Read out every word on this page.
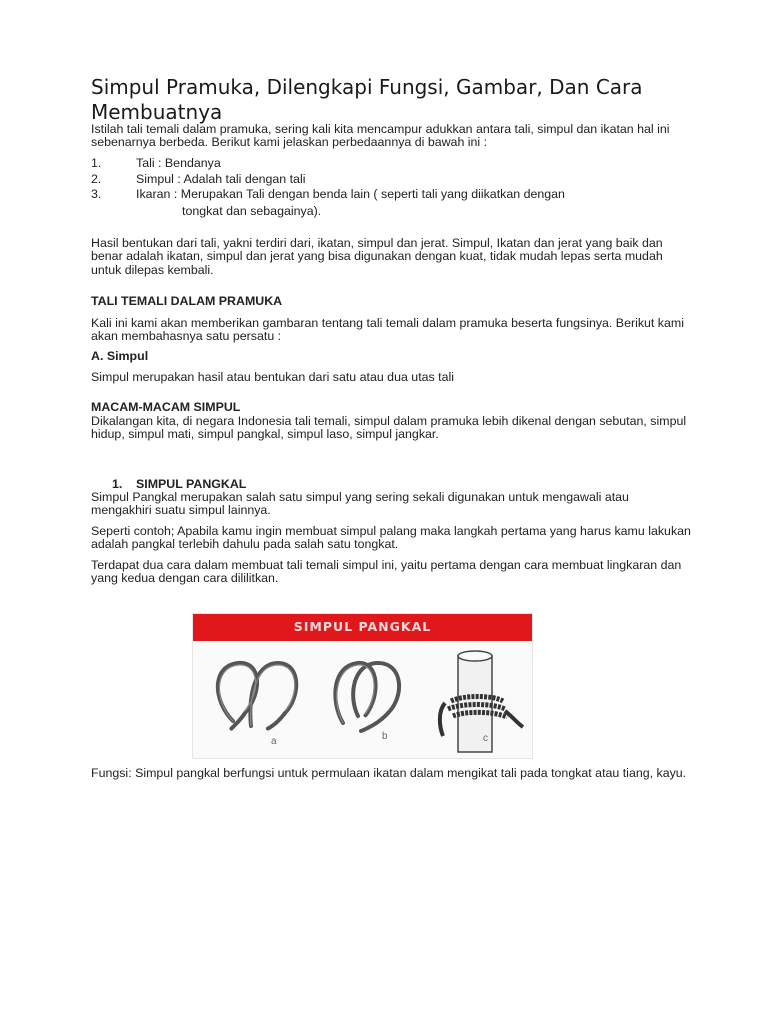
Simpul Pramuka, Dilengkapi Fungsi, Gambar, Dan Cara Membuatnya

Istilah tali temali dalam pramuka, sering kali kita mencampur adukkan antara tali, simpul dan ikatan hal ini sebenarnya berbeda. Berikut kami jelaskan perbedaannya di bawah ini :

1.	Tali : Bendanya
2.	Simpul : Adalah tali dengan tali
3.	Ikaran : Merupakan Tali dengan benda lain ( seperti tali yang diikatkan dengan
tongkat dan sebagainya).

Hasil bentukan dari tali, yakni terdiri dari, ikatan, simpul dan jerat. Simpul, Ikatan dan jerat yang baik dan benar adalah ikatan, simpul dan jerat yang bisa digunakan dengan kuat, tidak mudah lepas serta mudah untuk dilepas kembali.

TALI TEMALI DALAM PRAMUKA

Kali ini kami akan memberikan gambaran tentang tali temali dalam pramuka beserta fungsinya. Berikut kami akan membahasnya satu persatu :

A. Simpul

Simpul merupakan hasil atau bentukan dari satu atau dua utas tali

MACAM-MACAM SIMPUL

Dikalangan kita, di negara Indonesia tali temali, simpul dalam pramuka lebih dikenal dengan sebutan, simpul hidup, simpul mati, simpul pangkal, simpul laso, simpul jangkar.

1. SIMPUL PANGKAL

Simpul Pangkal merupakan salah satu simpul yang sering sekali digunakan untuk mengawali atau mengakhiri suatu simpul lainnya.

Seperti contoh; Apabila kamu ingin membuat simpul palang maka langkah pertama yang harus kamu lakukan adalah pangkal terlebih dahulu pada salah satu tongkat.

Terdapat dua cara dalam membuat tali temali simpul ini, yaitu pertama dengan cara membuat lingkaran dan yang kedua dengan cara dililitkan.

SIMPUL PANGKAL
a	b	c

Fungsi: Simpul pangkal berfungsi untuk permulaan ikatan dalam mengikat tali pada tongkat atau tiang, kayu.
